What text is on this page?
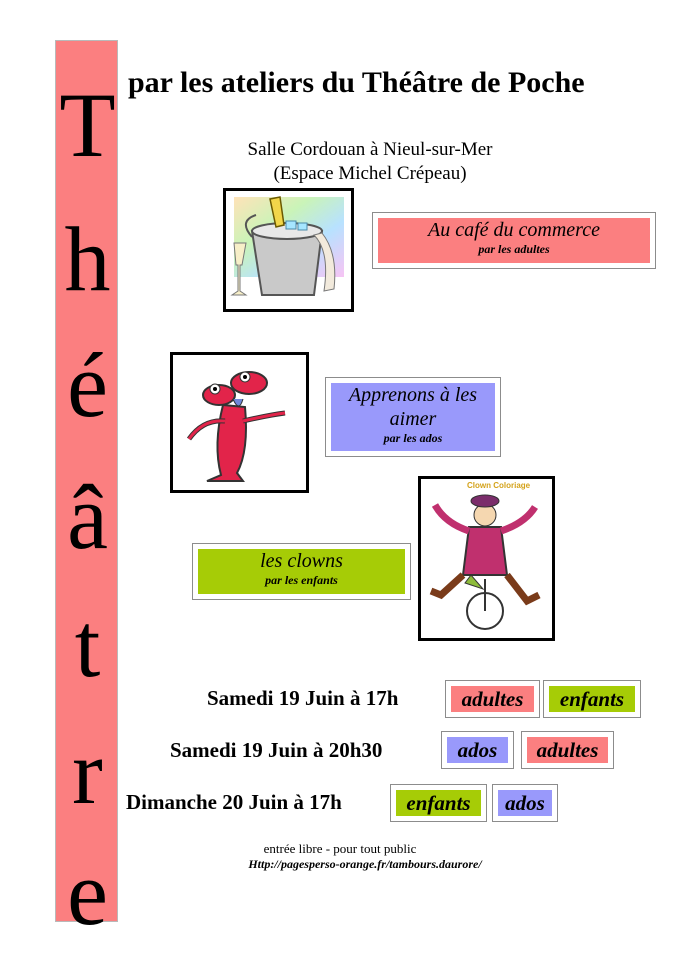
T
h
é
â
t
r
e
par les ateliers du Théâtre de Poche
Salle Cordouan à Nieul-sur-Mer
(Espace Michel Crépeau)
Au café du commerce
par les adultes
Apprenons à les
aimer
par les ados
Clown Coloriage
les clowns
par les enfants
Samedi 19 Juin à 17h	adultes	enfants
Samedi 19 Juin à 20h30	ados	adultes
Dimanche 20 Juin à 17h	enfants	ados
entrée libre - pour tout public
Http://pagesperso-orange.fr/tambours.daurore/
